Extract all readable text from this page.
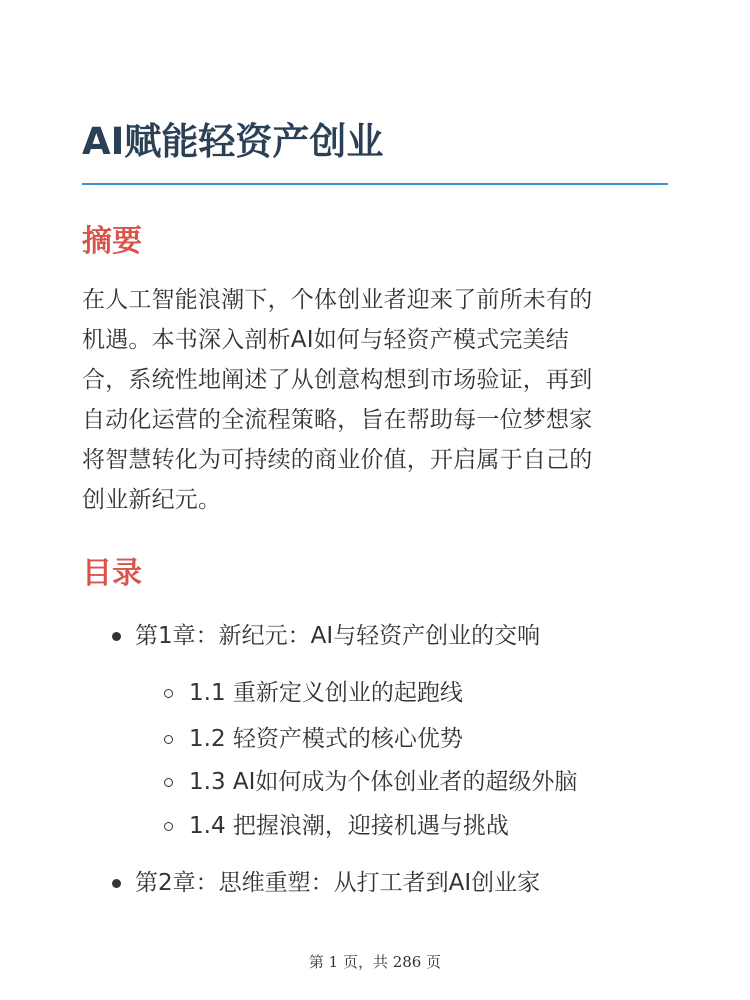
AI赋能轻资产创业
摘要

在人工智能浪潮下，个体创业者迎来了前所未有的
机遇。本书深入剖析AI如何与轻资产模式完美结
合，系统性地阐述了从创意构想到市场验证，再到
自动化运营的全流程策略，旨在帮助每一位梦想家
将智慧转化为可持续的商业价值，开启属于自己的
创业新纪元。

目录
第1章：新纪元：AI与轻资产创业的交响
1.1 重新定义创业的起跑线
1.2 轻资产模式的核心优势
1.3 AI如何成为个体创业者的超级外脑
1.4 把握浪潮，迎接机遇与挑战
第2章：思维重塑：从打工者到AI创业家
第 1 页，共 286 页
